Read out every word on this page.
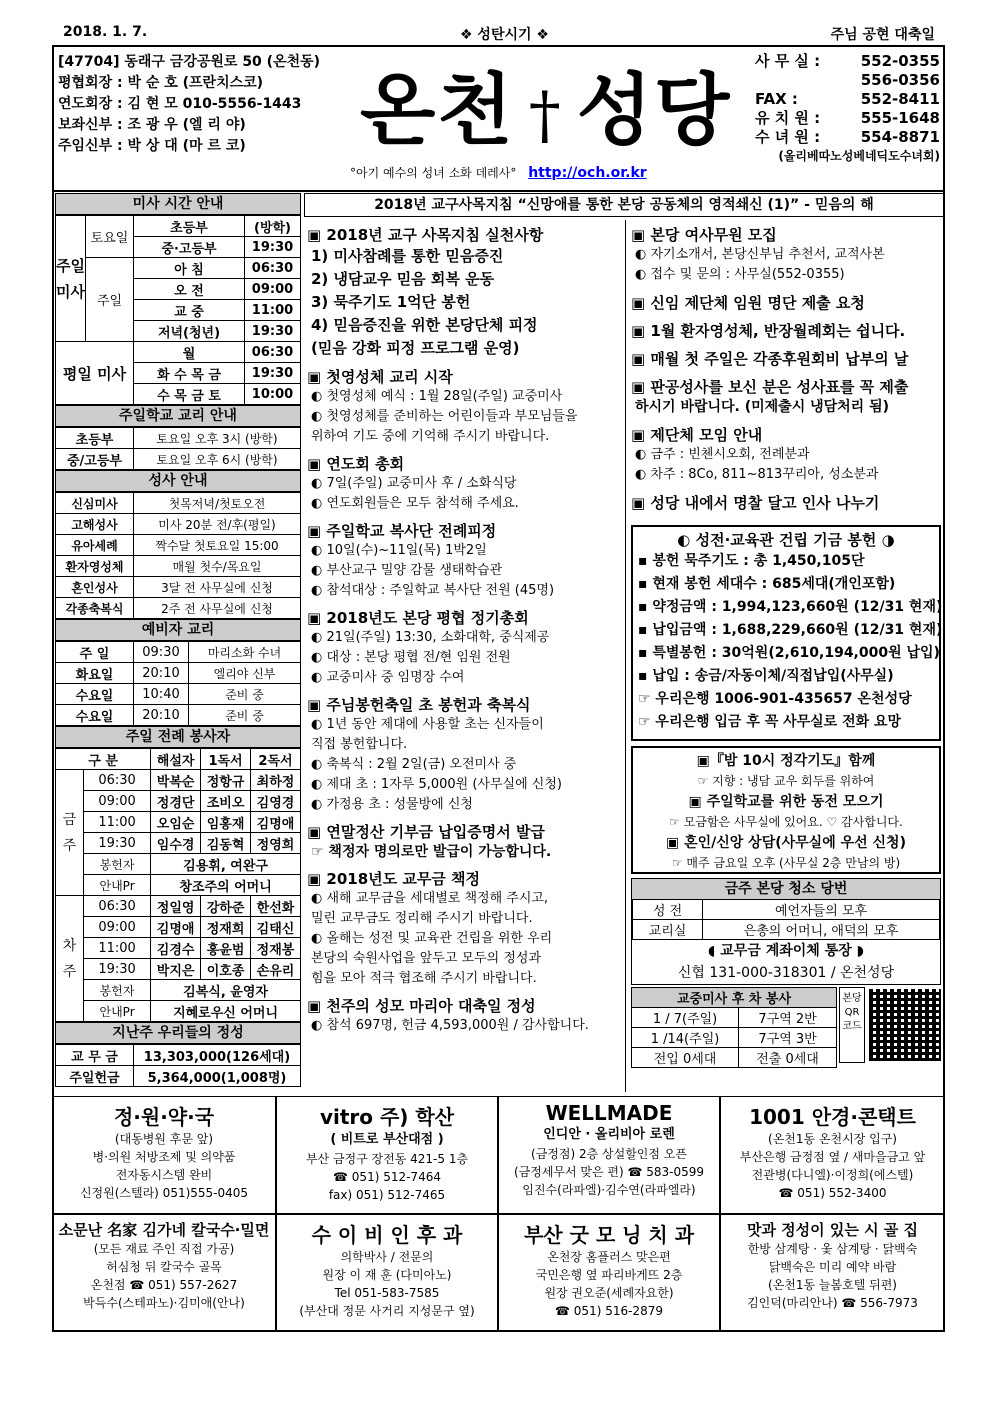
2018. 1. 7.	❖ 성탄시기 ❖	주님 공현 대축일
[47704] 동래구 금강공원로 50 (온천동)
평협회장 : 박 순 호 (프란치스코)
연도회장 : 김 현 모 010-5556-1443
보좌신부 : 조 광 우 (엘 리 야)
주임신부 : 박 상 대 (마 르 코)	온천 † 성당
°아기 예수의 성녀 소화 데레사° http://och.or.kr
사 무 실 :	552-0355
556-0356
FAX :	552-8411
유 치 원 :	555-1648
수 녀 원 :	554-8871
(올리베따노성베네딕도수녀회)
미사 시간 안내
주일미사	토요일	초등부	(방학)
		중·고등부	19:30
	주일	아 침	06:30
		오 전	09:00
		교 중	11:00
		저녁(청년)	19:30
평일 미사		월	06:30
		화 수 목 금	19:30
		수 목 금 토	10:00
주일학교 교리 안내
초등부	토요일 오후 3시 (방학)
중/고등부	토요일 오후 6시 (방학)
성사 안내
신심미사	첫목저녁/첫토오전
고해성사	미사 20분 전/후(평일)
유아세례	짝수달 첫토요일 15:00
환자영성체	매월 첫수/목요일
혼인성사	3달 전 사무실에 신청
각종축복식	2주 전 사무실에 신청
예비자 교리
주 일	09:30	마리소화 수녀
화요일	20:10	엘리야 신부
수요일	10:40	준비 중
수요일	20:10	준비 중
주일 전례 봉사자
구 분		해설자	1독서	2독서
금주	06:30	박복순	정항규	최하정
	09:00	정경단	조비오	김영경
	11:00	오임순	임홍재	김명애
	19:30	임수경	김동혁	정영희
	봉헌자	김용휘, 여완구		
	안내Pr	창조주의 어머니		
차주	06:30	정일영	강하준	한선화
	09:00	김명애	정재희	김태신
	11:00	김경수	홍윤범	정재봉
	19:30	박지은	이호종	손유리
	봉헌자	김복식, 윤영자		
	안내Pr	지혜로우신 어머니		
지난주 우리들의 정성
교 무 금	13,303,000(126세대)
주일헌금	5,364,000(1,008명)
2018년 교구사목지침 “신망애를 통한 본당 공동체의 영적쇄신 (1)” - 믿음의 해
▣ 2018년 교구 사목지침 실천사항
1) 미사참례를 통한 믿음증진
2) 냉담교우 믿음 회복 운동
3) 묵주기도 1억단 봉헌
4) 믿음증진을 위한 본당단체 피정
(믿음 강화 피정 프로그램 운영)
▣ 첫영성체 교리 시작
◐ 첫영성체 예식 : 1월 28일(주일) 교중미사
◐ 첫영성체를 준비하는 어린이들과 부모님들을
위하여 기도 중에 기억해 주시기 바랍니다.
▣ 연도회 총회
◐ 7일(주일) 교중미사 후 / 소화식당
◐ 연도회원들은 모두 참석해 주세요.
▣ 주일학교 복사단 전례피정
◐ 10일(수)~11일(목) 1박2일
◐ 부산교구 밀양 감물 생태학습관
◐ 참석대상 : 주일학교 복사단 전원 (45명)
▣ 2018년도 본당 평협 정기총회
◐ 21일(주일) 13:30, 소화대학, 중식제공
◐ 대상 : 본당 평협 전/현 임원 전원
◐ 교중미사 중 임명장 수여
▣ 주님봉헌축일 초 봉헌과 축복식
◐ 1년 동안 제대에 사용할 초는 신자들이
직접 봉헌합니다.
◐ 축복식 : 2월 2일(금) 오전미사 중
◐ 제대 초 : 1자루 5,000원 (사무실에 신청)
◐ 가정용 초 : 성물방에 신청
▣ 연말정산 기부금 납입증명서 발급
☞ 책정자 명의로만 발급이 가능합니다.
▣ 2018년도 교무금 책정
◐ 새해 교무금을 세대별로 책정해 주시고,
밀린 교무금도 정리해 주시기 바랍니다.
◐ 올해는 성전 및 교육관 건립을 위한 우리
본당의 숙원사업을 앞두고 모두의 정성과
힘을 모아 적극 협조해 주시기 바랍니다.
▣ 천주의 성모 마리아 대축일 정성
◐ 참석 697명, 헌금 4,593,000원 / 감사합니다.
▣ 본당 여사무원 모집
◐ 자기소개서, 본당신부님 추천서, 교적사본
◐ 접수 및 문의 : 사무실(552-0355)
▣ 신임 제단체 임원 명단 제출 요청
▣ 1월 환자영성체, 반장월례회는 쉽니다.
▣ 매월 첫 주일은 각종후원회비 납부의 날
▣ 판공성사를 보신 분은 성사표를 꼭 제출
하시기 바랍니다. (미제출시 냉담처리 됨)
▣ 제단체 모임 안내
◐ 금주 : 빈첸시오회, 전례분과
◐ 차주 : 8Co, 811~813꾸리아, 성소분과
▣ 성당 내에서 명찰 달고 인사 나누기
◐ 성전·교육관 건립 기금 봉헌 ◑
▪ 봉헌 묵주기도 : 총 1,450,105단
▪ 현재 봉헌 세대수 : 685세대(개인포함)
▪ 약정금액 : 1,994,123,660원 (12/31 현재)
▪ 납입금액 : 1,688,229,660원 (12/31 현재)
▪ 특별봉헌 : 30억원(2,610,194,000원 납입)
▪ 납입 : 송금/자동이체/직접납입(사무실)
☞ 우리은행 1006-901-435657 온천성당
☞ 우리은행 입금 후 꼭 사무실로 전화 요망
▣『밤 10시 정각기도』함께
☞ 지향 : 냉담 교우 회두를 위하여
▣ 주일학교를 위한 동전 모으기
☞ 모금함은 사무실에 있어요. ♡ 감사합니다.
▣ 혼인/신앙 상담(사무실에 우선 신청)
☞ 매주 금요일 오후 (사무실 2층 만남의 방)
금주 본당 청소 당번
성 전	예언자들의 모후
교리실	은총의 어머니, 애덕의 모후
◖ 교무금 계좌이체 통장 ◗
신협 131-000-318301 / 온천성당
교중미사 후 차 봉사	
1 / 7(주일)	7구역 2반
1 /14(주일)	7구역 3반
전입 0세대	전출 0세대
본당 QR 코드
정·원·약·국
(대동병원 후문 앞)
병·의원 처방조제 및 의약품
전자동시스템 완비
신정원(스텔라) 051)555-0405
vitro 주) 학산
( 비트로 부산대점 )
부산 금정구 장전동 421-5 1층
☎ 051) 512-7464
fax) 051) 512-7465
WELLMADE
인디안 · 올리비아 로렌
(금정점) 2층 상설할인점 오픈
(금정세무서 맞은 편) ☎ 583-0599
임진수(라파엘)·김수연(라파엘라)
1001 안경·콘택트
(온천1동 온천시장 입구)
부산은행 금정점 옆 / 새마을금고 앞
전관병(다니엘)·이정희(에스텔)
☎ 051) 552-3400
소문난 名家 김가네 칼국수·밀면
(모든 재료 주인 직접 가공)
허심청 뒤 칼국수 골목
온천점 ☎ 051) 557-2627
박득수(스테파노)·김미애(안나)
수 이 비 인 후 과
의학박사 / 전문의
원장 이 재 훈 (다미아노)
Tel 051-583-7585
(부산대 정문 사거리 지성문구 옆)
부산 굿 모 닝 치 과
온천장 홈플러스 맞은편
국민은행 옆 파리바게뜨 2층
원장 권오준(세례자요한)
☎ 051) 516-2879
맛과 정성이 있는 시 골 집
한방 삼계탕 · 옻 삼계탕 · 닭백숙
닭백숙은 미리 예약 바람
(온천1동 늘봄호텔 뒤편)
김인덕(마리안나) ☎ 556-7973
